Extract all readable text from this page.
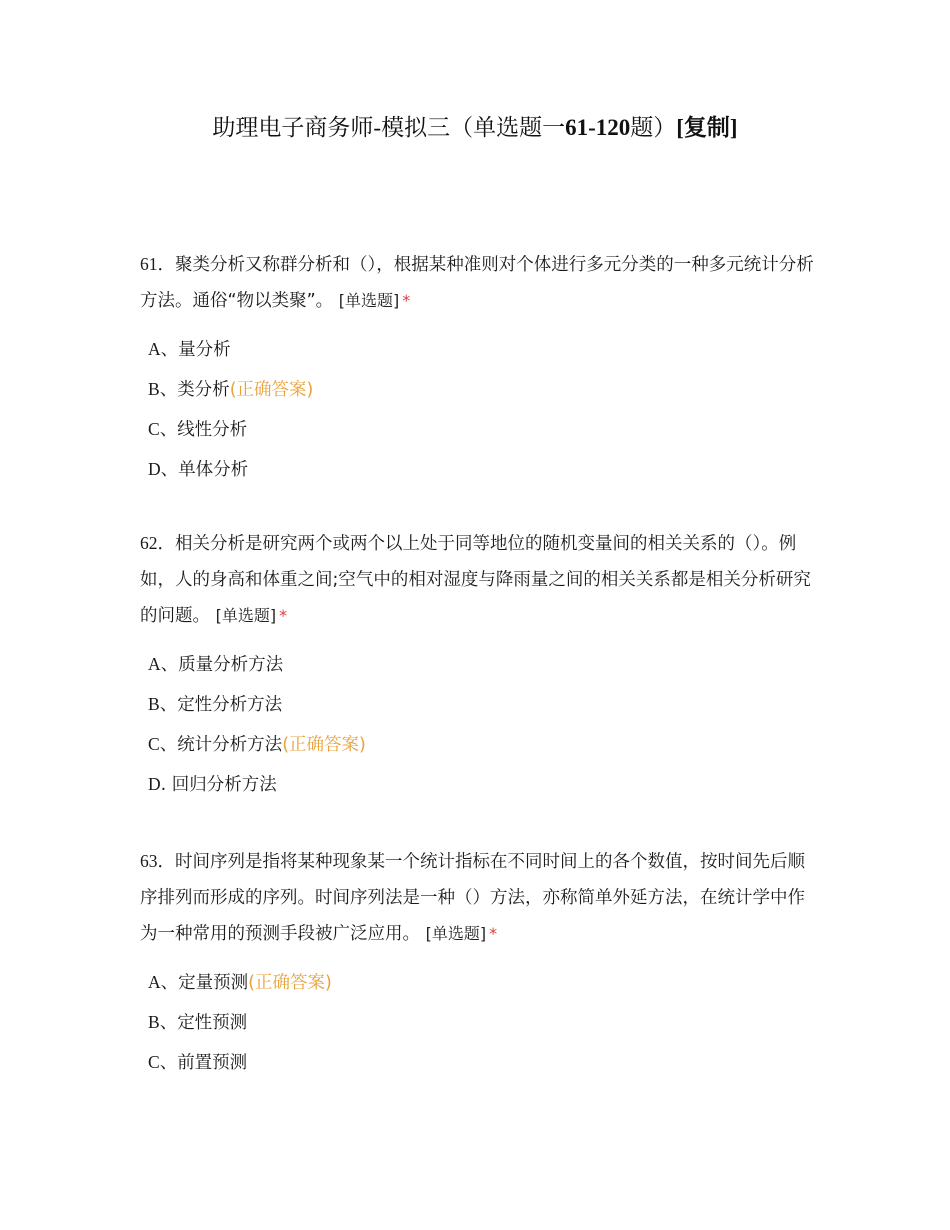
助理电子商务师-模拟三（单选题一61-120题）[复制]

61．聚类分析又称群分析和（），根据某种准则对个体进行多元分类的一种多元统计分析方法。通俗“物以类聚”。 [单选题] *

A、量分析
B、类分析(正确答案)
C、线性分析
D、单体分析

62．相关分析是研究两个或两个以上处于同等地位的随机变量间的相关关系的（）。例如，人的身高和体重之间;空气中的相对湿度与降雨量之间的相关关系都是相关分析研究的问题。 [单选题] *

A、质量分析方法
B、定性分析方法
C、统计分析方法(正确答案)
D. 回归分析方法

63．时间序列是指将某种现象某一个统计指标在不同时间上的各个数值，按时间先后顺序排列而形成的序列。时间序列法是一种（）方法，亦称简单外延方法，在统计学中作为一种常用的预测手段被广泛应用。 [单选题] *

A、定量预测(正确答案)
B、定性预测
C、前置预测
